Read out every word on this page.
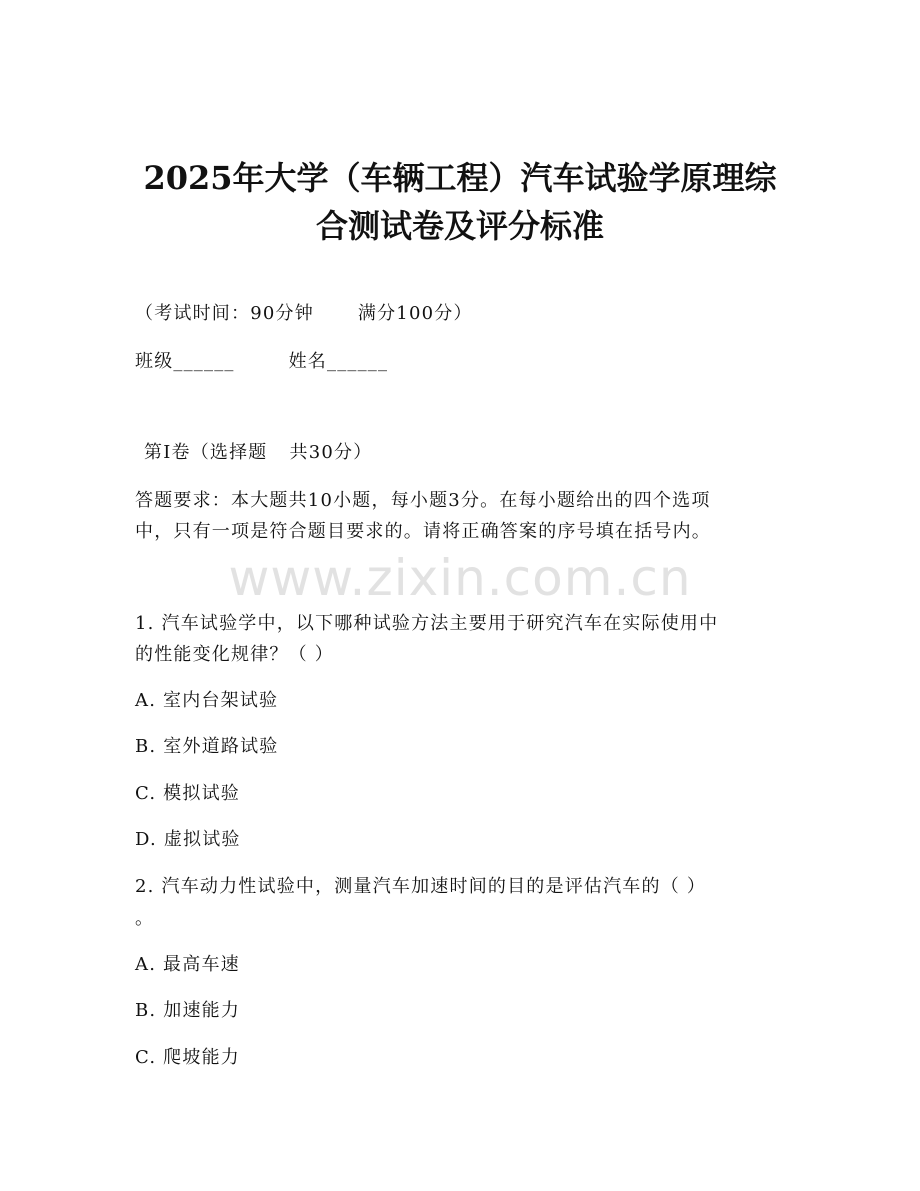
2025年大学（车辆工程）汽车试验学原理综
合测试卷及评分标准
（考试时间：90分钟 满分100分）
班级______	姓名______
第Ⅰ卷（选择题 共30分）
答题要求：本大题共10小题，每小题3分。在每小题给出的四个选项
中，只有一项是符合题目要求的。请将正确答案的序号填在括号内。
www.zixin.com.cn
1. 汽车试验学中，以下哪种试验方法主要用于研究汽车在实际使用中
的性能变化规律？（ ）
A. 室内台架试验
B. 室外道路试验
C. 模拟试验
D. 虚拟试验
2. 汽车动力性试验中，测量汽车加速时间的目的是评估汽车的（ ）
。
A. 最高车速
B. 加速能力
C. 爬坡能力
